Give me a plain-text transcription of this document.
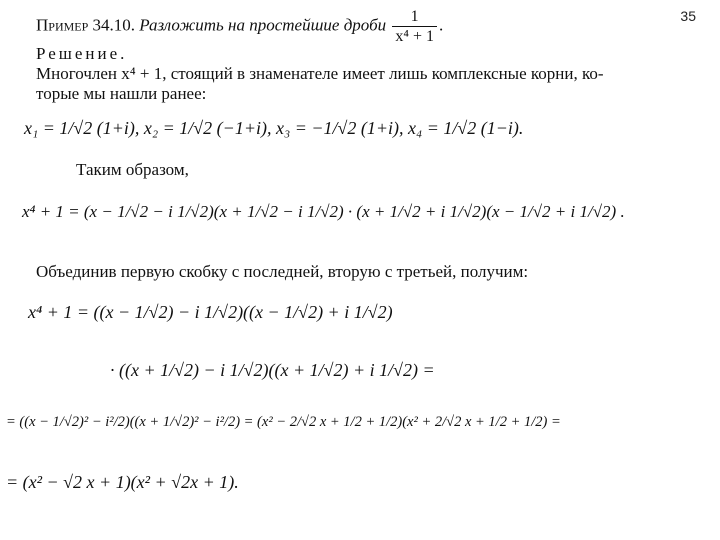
35
Пример 34.10. Разложить на простейшие дроби $\frac{1}{\text{x⁴ + 1}}$ .
Решение.
Многочлен x⁴ + 1, стоящий в знаменателе имеет лишь комплексные корни, ко-
торые мы нашли ранее:
x₁ = 1/√2 (1+i), x₂ = 1/√2 (−1+i), x₃ = −1/√2 (1+i), x₄ = 1/√2 (1−i).
Таким образом,
x⁴ + 1 = (x − 1/√2 − i 1/√2)(x + 1/√2 − i 1/√2) · (x + 1/√2 + i 1/√2)(x − 1/√2 + i 1/√2) .
Объединив первую скобку с последней, вторую с третьей, получим:
x⁴ + 1 = ((x − 1/√2) − i 1/√2)((x − 1/√2) + i 1/√2)
· ((x + 1/√2) − i 1/√2)((x + 1/√2) + i 1/√2) =
= ((x − 1/√2)² − i²/2)((x + 1/√2)² − i²/2) = (x² − 2/√2 x + 1/2 + 1/2)(x² + 2/√2 x + 1/2 + 1/2) =
= (x² − √2 x + 1)(x² + √2x + 1).
